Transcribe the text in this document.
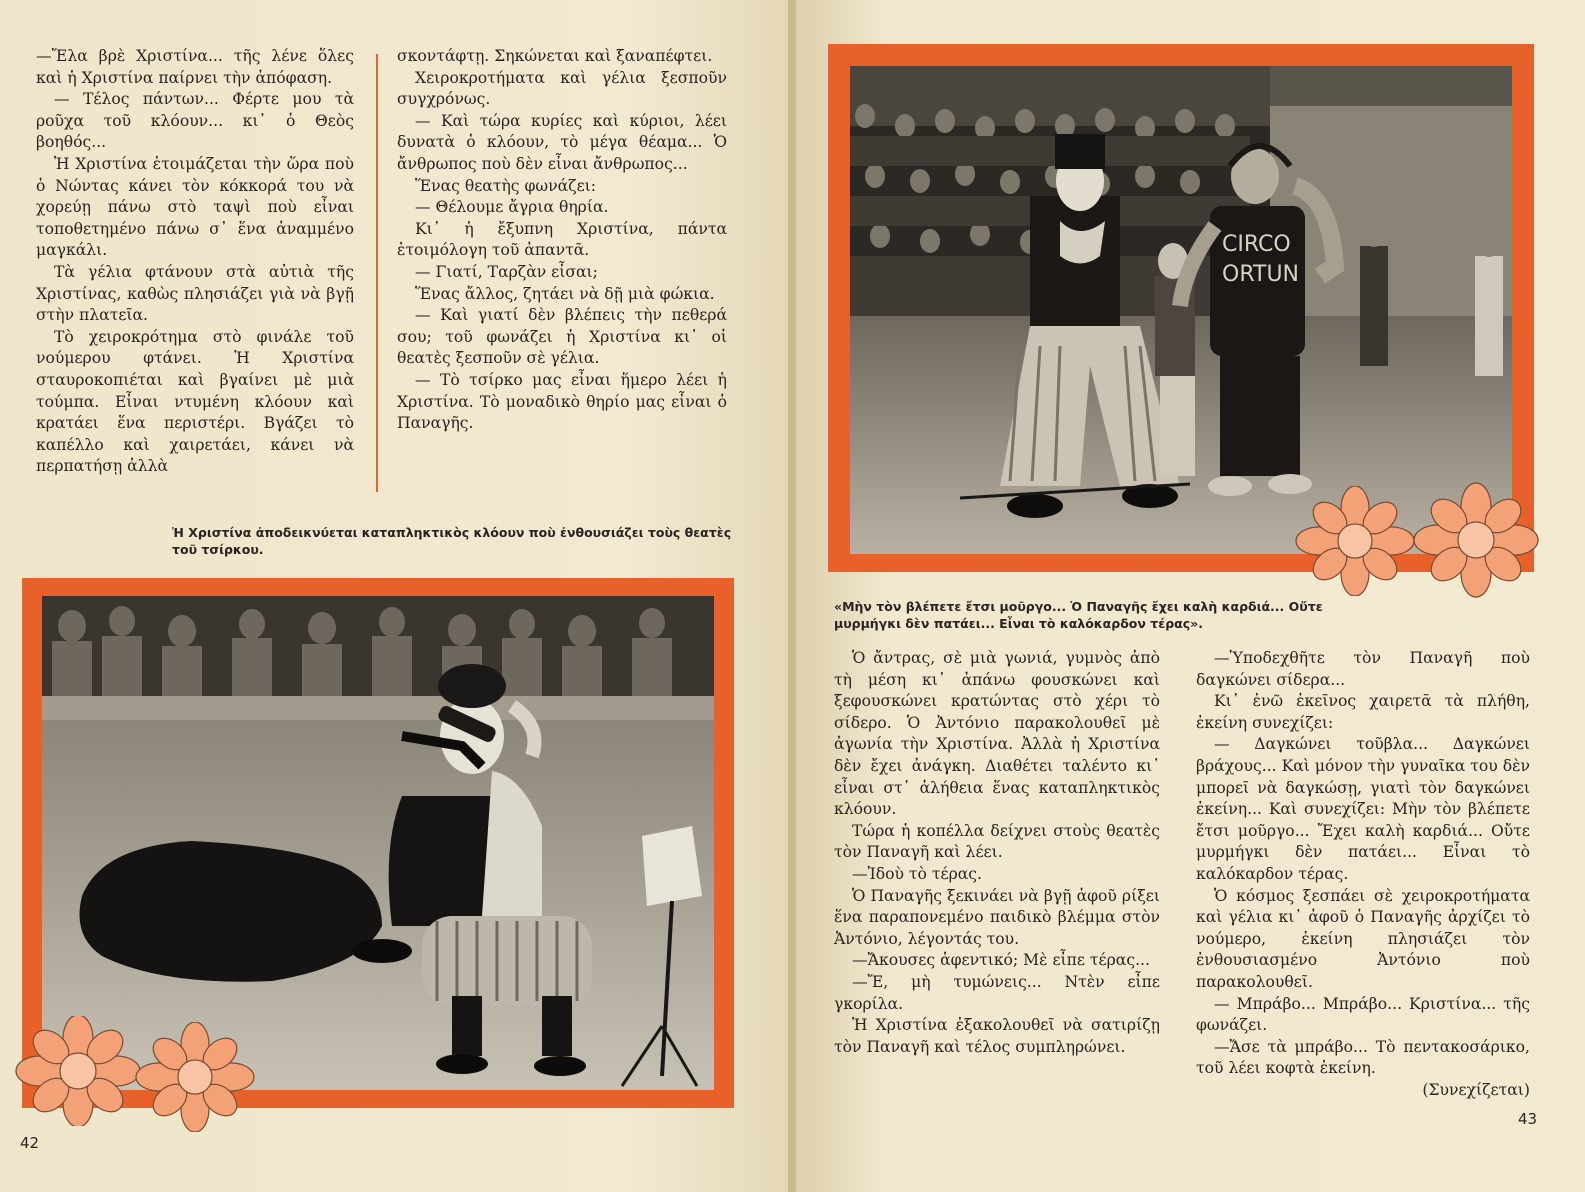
—Ἔλα βρὲ Χριστίνα... τῆς λένε ὅλες καὶ ἡ Χριστίνα παίρνει τὴν ἀπόφαση.

— Τέλος πάντων... Φέρτε μου τὰ ροῦχα τοῦ κλόουν... κι᾿ ὁ Θεὸς βοηθός...

Ἡ Χριστίνα ἑτοιμάζεται τὴν ὥρα ποὺ ὁ Νώντας κάνει τὸν κόκκορά του νὰ χορεύῃ πάνω στὸ ταψὶ ποὺ εἶναι τοποθετημένο πάνω σ᾿ ἕνα ἀναμμένο μαγκάλι.

Τὰ γέλια φτάνουν στὰ αὐτιὰ τῆς Χριστίνας, καθὼς πλησιάζει γιὰ νὰ βγῇ στὴν πλατεῖα.

Τὸ χειροκρότημα στὸ φινάλε τοῦ νούμερου φτάνει. Ἡ Χριστίνα σταυροκοπιέται καὶ βγαίνει μὲ μιὰ τούμπα. Εἶναι ντυμένη κλόουν καὶ κρατάει ἕνα περιστέρι. Βγάζει τὸ καπέλλο καὶ χαιρετάει, κάνει νὰ περπατήσῃ ἀλλὰ

σκοντάφτῃ. Σηκώνεται καὶ ξαναπέφτει.

Χειροκροτήματα καὶ γέλια ξεσποῦν συγχρόνως.

— Καὶ τώρα κυρίες καὶ κύριοι, λέει δυνατὰ ὁ κλόουν, τὸ μέγα θέαμα... Ὁ ἄνθρωπος ποὺ δὲν εἶναι ἄνθρωπος...

Ἕνας θεατὴς φωνάζει:

— Θέλουμε ἄγρια θηρία.

Κι᾿ ἡ ἔξυπνη Χριστίνα, πάντα ἑτοιμόλογη τοῦ ἀπαντᾶ.

— Γιατί, Ταρζὰν εἶσαι;

Ἕνας ἄλλος, ζητάει νὰ δῇ μιὰ φώκια.

— Καὶ γιατί δὲν βλέπεις τὴν πεθερά σου; τοῦ φωνάζει ἡ Χριστίνα κι᾿ οἱ θεατὲς ξεσποῦν σὲ γέλια.

— Τὸ τσίρκο μας εἶναι ἥμερο λέει ἡ Χριστίνα. Τὸ μοναδικὸ θηρίο μας εἶναι ὁ Παναγῆς.

Ἡ Χριστίνα ἀποδεικνύεται καταπληκτικὸς κλόουν ποὺ ἐνθουσιάζει τοὺς θεατὲς τοῦ τσίρκου.
42
CIRCO
ORTUN
«Μὴν τὸν βλέπετε ἔτσι μοῦργο... Ὁ Παναγῆς ἔχει καλὴ καρδιά... Οὔτε μυρμήγκι δὲν πατάει... Εἶναι τὸ καλόκαρδον τέρας».

Ὁ ἄντρας, σὲ μιὰ γωνιά, γυμνὸς ἀπὸ τὴ μέση κι᾿ ἀπάνω φουσκώνει καὶ ξεφουσκώνει κρατώντας στὸ χέρι τὸ σίδερο. Ὁ Ἀντόνιο παρακολουθεῖ μὲ ἀγωνία τὴν Χριστίνα. Ἀλλὰ ἡ Χριστίνα δὲν ἔχει ἀνάγκη. Διαθέτει ταλέντο κι᾿ εἶναι στ᾿ ἀλήθεια ἕνας καταπληκτικὸς κλόουν.

Τώρα ἡ κοπέλλα δείχνει στοὺς θεατὲς τὸν Παναγῆ καὶ λέει.

—Ἰδοὺ τὸ τέρας.

Ὁ Παναγῆς ξεκινάει νὰ βγῇ ἀφοῦ ρίξει ἕνα παραπονεμένο παιδικὸ βλέμμα στὸν Ἀντόνιο, λέγοντάς του.

—Ἄκουσες ἀφεντικό; Μὲ εἶπε τέρας...

—Ἔ, μὴ τυμώνεις... Ντὲν εἶπε γκορίλα.

Ἡ Χριστίνα ἐξακολουθεῖ νὰ σατιρίζῃ τὸν Παναγῆ καὶ τέλος συμπληρώνει.

—Ὑποδεχθῆτε τὸν Παναγῆ ποὺ δαγκώνει σίδερα...

Κι᾿ ἐνῶ ἐκεῖνος χαιρετᾶ τὰ πλήθη, ἐκείνη συνεχίζει:

— Δαγκώνει τοῦβλα... Δαγκώνει βράχους... Καὶ μόνον τὴν γυναῖκα του δὲν μπορεῖ νὰ δαγκώσῃ, γιατὶ τὸν δαγκώνει ἐκείνη... Καὶ συνεχίζει: Μὴν τὸν βλέπετε ἔτσι μοῦργο... Ἔχει καλὴ καρδιά... Οὔτε μυρμήγκι δὲν πατάει... Εἶναι τὸ καλόκαρδον τέρας.

Ὁ κόσμος ξεσπάει σὲ χειροκροτήματα καὶ γέλια κι᾿ ἀφοῦ ὁ Παναγῆς ἀρχίζει τὸ νούμερο, ἐκείνη πλησιάζει τὸν ἐνθουσιασμένο Ἀντόνιο ποὺ παρακολουθεῖ.

— Μπράβο... Μπράβο... Κριστίνα... τῆς φωνάζει.

—Ἄσε τὰ μπράβο... Τὸ πεντακοσάρικο, τοῦ λέει κοφτὰ ἐκείνη.

(Συνεχίζεται)

43
